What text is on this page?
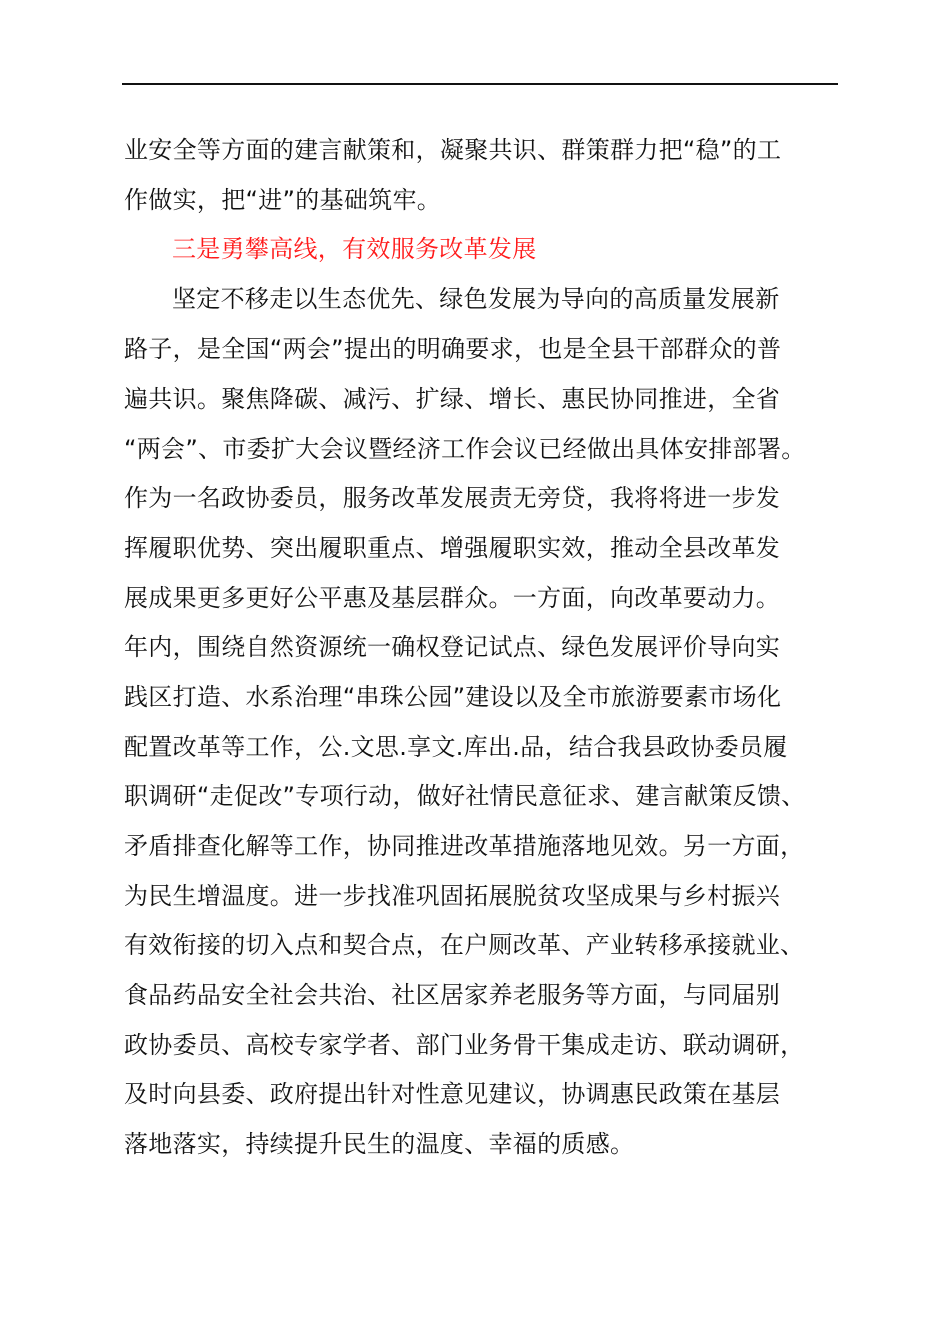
业安全等方面的建言献策和，凝聚共识、群策群力把“稳”的工
作做实，把“进”的基础筑牢。
三是勇攀高线，有效服务改革发展
坚定不移走以生态优先、绿色发展为导向的高质量发展新
路子，是全国“两会”提出的明确要求，也是全县干部群众的普
遍共识。聚焦降碳、减污、扩绿、增长、惠民协同推进，全省
“两会”、市委扩大会议暨经济工作会议已经做出具体安排部署。
作为一名政协委员，服务改革发展责无旁贷，我将将进一步发
挥履职优势、突出履职重点、增强履职实效，推动全县改革发
展成果更多更好公平惠及基层群众。一方面，向改革要动力。
年内，围绕自然资源统一确权登记试点、绿色发展评价导向实
践区打造、水系治理“串珠公园”建设以及全市旅游要素市场化
配置改革等工作，公.文思.享文.库出.品，结合我县政协委员履
职调研“走促改”专项行动，做好社情民意征求、建言献策反馈、
矛盾排查化解等工作，协同推进改革措施落地见效。另一方面，
为民生增温度。进一步找准巩固拓展脱贫攻坚成果与乡村振兴
有效衔接的切入点和契合点，在户厕改革、产业转移承接就业、
食品药品安全社会共治、社区居家养老服务等方面，与同届别
政协委员、高校专家学者、部门业务骨干集成走访、联动调研，
及时向县委、政府提出针对性意见建议，协调惠民政策在基层
落地落实，持续提升民生的温度、幸福的质感。
